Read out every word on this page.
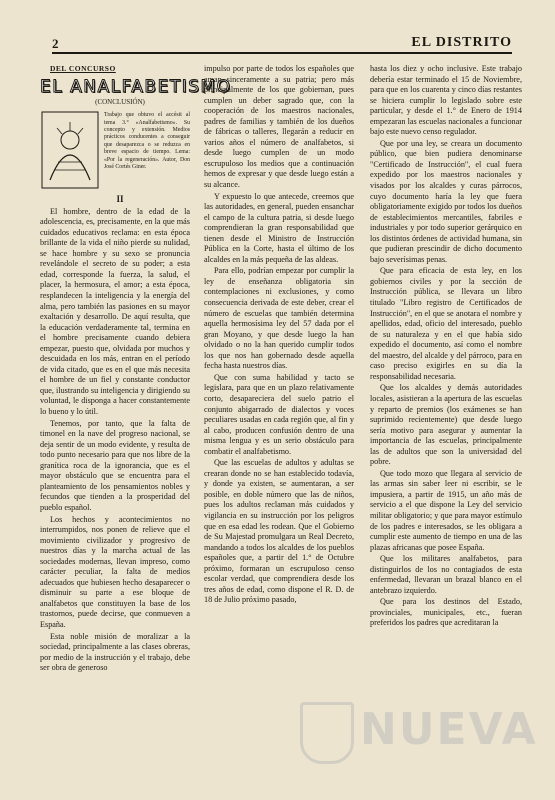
2	EL DISTRITO

DEL CONCURSO

EL ANALFABETISMO

(CONCLUSIÓN)

Trabajo que obtuvo el accésit al tema 3.° «Analfabetismo». Su concepto y extensión. Medios prácticos conducentes a conseguir que desaparezca o se reduzca en breve espacio de tiempo. Lema: «Por la regeneración». Autor, Don José Cortés Giner.

II

El hombre, dentro de la edad de la adolescencia, es, precisamente, en la que más cuidados educativos reclama: en esta época brillante de la vida el niño pierde su nulidad, se hace hombre y su sexo se pronuncia revelándole el secreto de su poder; a esta edad, corresponde la fuerza, la salud, el placer, la hermosura, el amor; a esta época, resplandecen la inteligencia y la energía del alma, pero también las pasiones en su mayor exaltación y desarrollo. De aquí resulta, que la educación verdaderamente tal, termina en el hombre precisamente cuando debiera empezar, puesto que, olvidada por muchos y descuidada en los más, entran en el período de vida citado, que es en el que más necesita el hombre de un fiel y constante conductor que, ilustrando su inteligencia y dirigiendo su voluntad, le disponga a hacer constantemente lo bueno y lo útil.

Tenemos, por tanto, que la falta de timonel en la nave del progreso nacional, se deja sentir de un modo evidente, y resulta de todo punto necesario para que nos libre de la granítica roca de la ignorancia, que es el mayor obstáculo que se encuentra para el planteamiento de los pensamientos nobles y fecundos que tienden a la prosperidad del pueblo español.

Los hechos y acontecimientos no interrumpidos, nos ponen de relieve que el movimiento civilizador y progresivo de nuestros días y la marcha actual de las sociedades modernas, llevan impreso, como carácter peculiar, la falta de medios adecuados que hubiesen hecho desaparecer o disminuir su parte a ese bloque de analfabetos que constituyen la base de los trastornos, puede decirse, que conmueven a España.

Esta noble misión de moralizar a la sociedad, principalmente a las clases obreras, por medio de la instrucción y el trabajo, debe ser obra de generoso

impulso por parte de todos los españoles que aman sinceramente a su patria; pero más principalmente de los que gobiernan, pues cumplen un deber sagrado que, con la cooperación de los maestros nacionales, padres de familias y también de los dueños de fábricas o talleres, llegarán a reducir en varios años el número de analfabetos, si desde luego cumplen de un modo escrupuloso los medios que a continuación hemos de expresar y que desde luego están a su alcance.

Y expuesto lo que antecede, creemos que las autoridades, en general, pueden ensanchar el campo de la cultura patria, si desde luego comprendieran la gran responsabilidad que tienen desde el Ministro de Instrucción Pública en la Corte, hasta el último de los alcaldes en la más pequeña de las aldeas.

Para ello, podrían empezar por cumplir la ley de enseñanza obligatoria sin contemplaciones ni exclusiones, y como consecuencia derivada de este deber, crear el número de escuelas que también determina aquella hermosísima ley del 57 dada por el gran Moyano, y que desde luego la han olvidado o no la han querido cumplir todos los que nos han gobernado desde aquella fecha hasta nuestros días.

Que con suma habilidad y tacto se legislara, para que en un plazo relativamente corto, desapareciera del suelo patrio el conjunto abigarrado de dialectos y voces peculiares usadas en cada región que, al fin y al cabo, producen confusión dentro de una misma lengua y es un serio obstáculo para combatir el analfabetismo.

Que las escuelas de adultos y adultas se crearan donde no se han establecido todavía, y donde ya existen, se aumentaran, a ser posible, en doble número que las de niños, pues los adultos reclaman más cuidados y vigilancia en su instrucción por los peligros que en esa edad les rodean. Que el Gobierno de Su Majestad promulgara un Real Decreto, mandando a todos los alcaldes de los pueblos españoles que, a partir del 1.° de Octubre próximo, formaran un escrupuloso censo escolar verdad, que comprendiera desde los tres años de edad, como dispone el R. D. de 18 de Julio próximo pasado,

hasta los diez y ocho inclusive. Este trabajo debería estar terminado el 15 de Noviembre, para que en los cuarenta y cinco días restantes se hiciera cumplir lo legislado sobre este particular, y desde el 1.° de Enero de 1914 empezaran las escuelas nacionales a funcionar bajo este nuevo censo regulador.

Que por una ley, se creara un documento público, que bien pudiera denominarse "Certificado de Instrucción", el cual fuera expedido por los maestros nacionales y visados por los alcaldes y curas párrocos, cuyo documento haría la ley que fuera obligatoriamente exigido por todos los dueños de establecimientos mercantiles, fabriles e industriales y por todo superior gerárquico en los distintos órdenes de actividad humana, sin que pudieran prescindir de dicho documento bajo severísimas penas.

Que para eficacia de esta ley, en los gobiernos civiles y por la sección de Instrucción pública, se llevara un libro titulado "Libro registro de Certificados de Instrucción", en el que se anotara el nombre y apellidos, edad, oficio del interesado, pueblo de su naturaleza y en el que había sido expedido el documento, así como el nombre del maestro, del alcalde y del párroco, para en caso preciso exigirles en su día la responsabilidad necesaria.

Que los alcaldes y demás autoridades locales, asistieran a la apertura de las escuelas y reparto de premios (los exámenes se han suprimido recientemente) que desde luego sería motivo para asegurar y aumentar la importancia de las escuelas, principalmente las de adultos que son la universidad del pobre.

Que todo mozo que llegara al servicio de las armas sin saber leer ni escribir, se le impusiera, a partir de 1915, un año más de servicio a el que dispone la Ley del servicio militar obligatorio; y que para mayor estímulo de los padres e interesados, se les obligara a cumplir este aumento de tiempo en una de las plazas africanas que posee España.

Que los militares analfabetos, para distinguirlos de los no contagiados de esta enfermedad, llevaran un brazal blanco en el antebrazo izquierdo.

Que para los destinos del Estado, provinciales, municipales, etc., fueran preferidos los padres que acreditaran la

NUEVA
